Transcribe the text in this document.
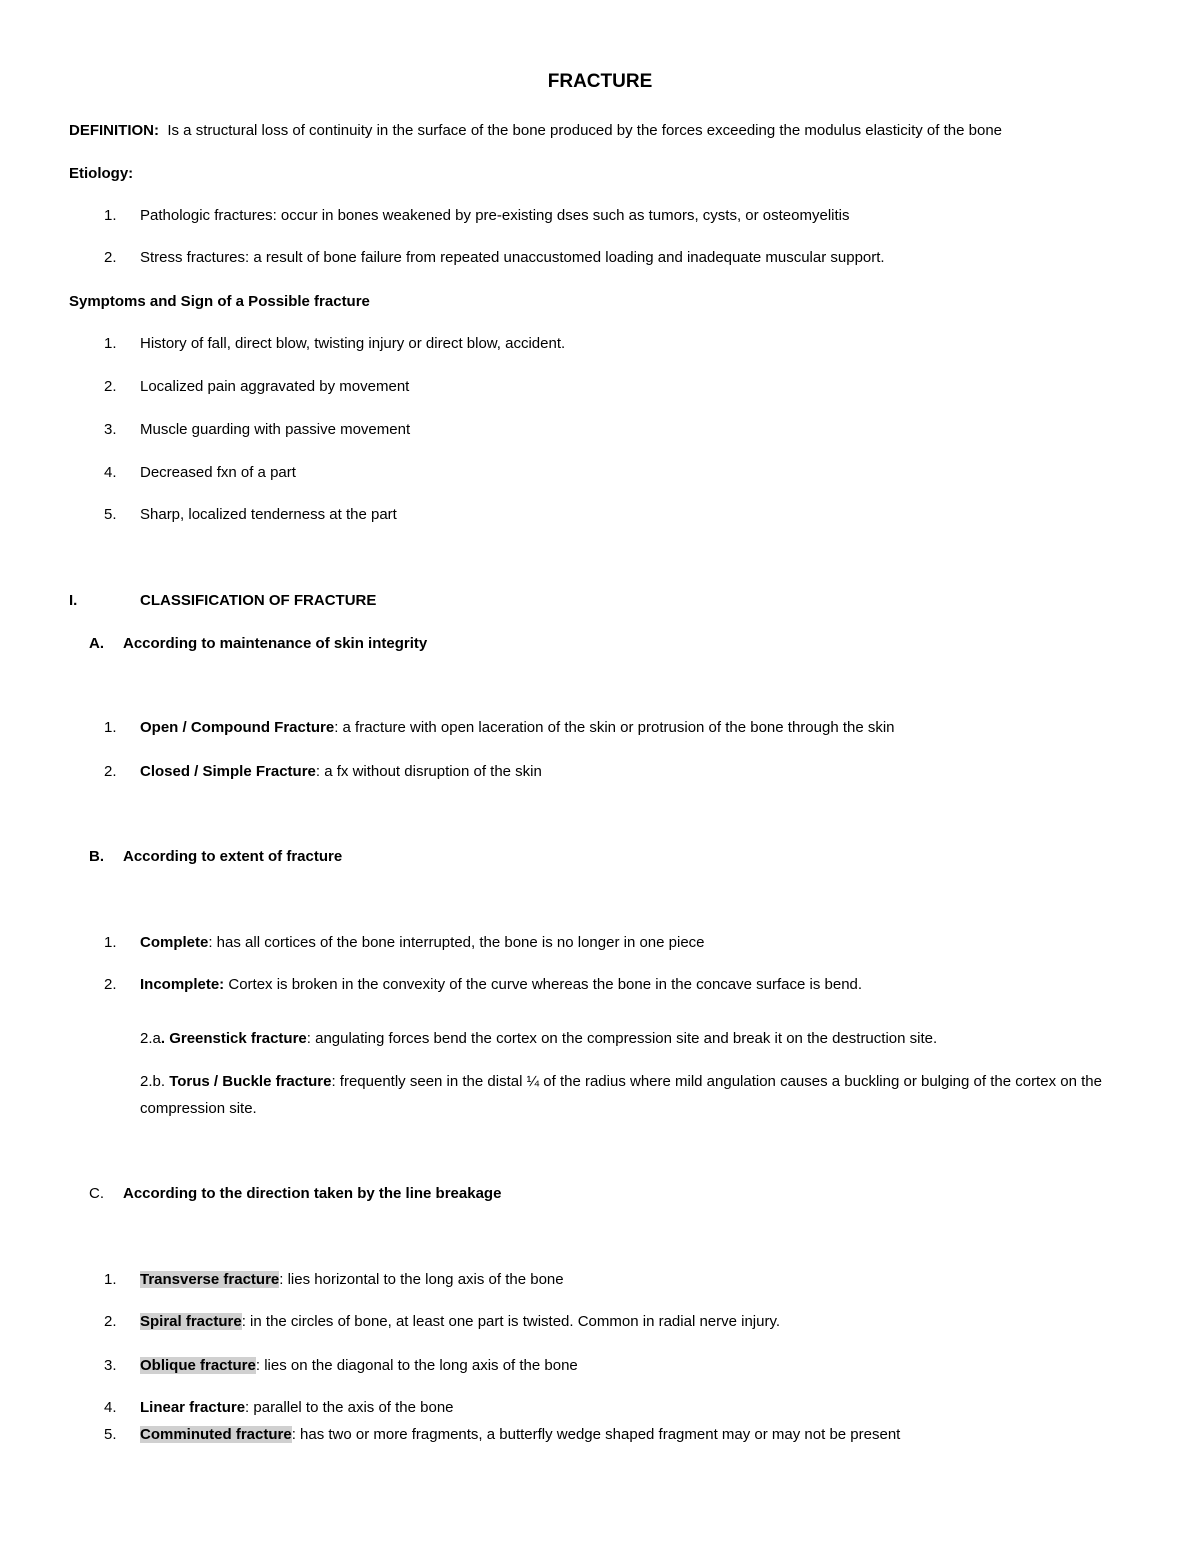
FRACTURE
DEFINITION: Is a structural loss of continuity in the surface of the bone produced by the forces exceeding the modulus elasticity of the bone
Etiology:
1. Pathologic fractures: occur in bones weakened by pre-existing dses such as tumors, cysts, or osteomyelitis
2. Stress fractures: a result of bone failure from repeated unaccustomed loading and inadequate muscular support.
Symptoms and Sign of a Possible fracture
1. History of fall, direct blow, twisting injury or direct blow, accident.
2. Localized pain aggravated by movement
3. Muscle guarding with passive movement
4. Decreased fxn of a part
5. Sharp, localized tenderness at the part
I.	CLASSIFICATION OF FRACTURE
A. According to maintenance of skin integrity
1. Open / Compound Fracture: a fracture with open laceration of the skin or protrusion of the bone through the skin
2. Closed / Simple Fracture: a fx without disruption of the skin
B. According to extent of fracture
1. Complete: has all cortices of the bone interrupted, the bone is no longer in one piece
2. Incomplete: Cortex is broken in the convexity of the curve whereas the bone in the concave surface is bend.
2.a. Greenstick fracture: angulating forces bend the cortex on the compression site and break it on the destruction site.
2.b. Torus / Buckle fracture: frequently seen in the distal ¼ of the radius where mild angulation causes a buckling or bulging of the cortex on the compression site.
C. According to the direction taken by the line breakage
1. Transverse fracture: lies horizontal to the long axis of the bone
2. Spiral fracture: in the circles of bone, at least one part is twisted. Common in radial nerve injury.
3. Oblique fracture: lies on the diagonal to the long axis of the bone
4. Linear fracture: parallel to the axis of the bone
5. Comminuted fracture: has two or more fragments, a butterfly wedge shaped fragment may or may not be present
